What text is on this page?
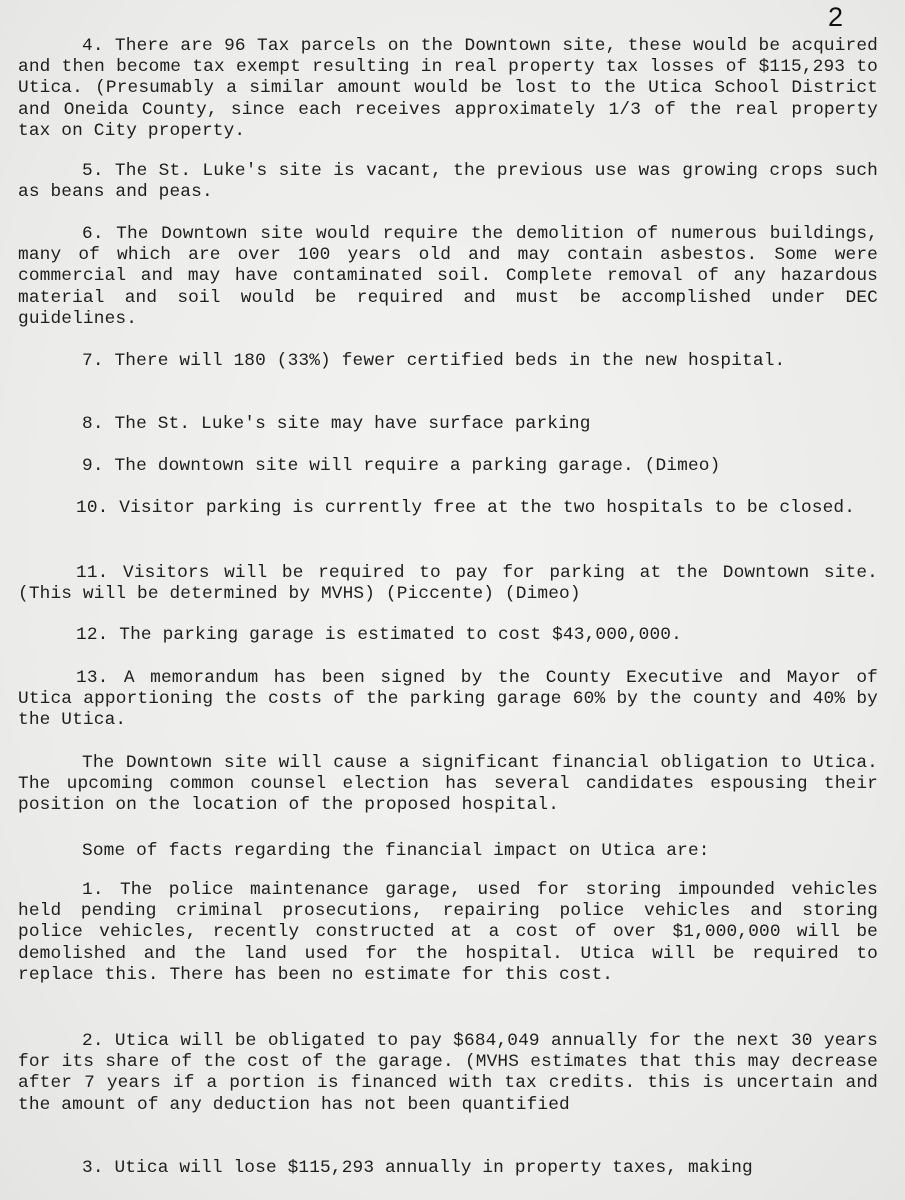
2

4. There are 96 Tax parcels on the Downtown site, these would be acquired and then become tax exempt resulting in real property tax losses of $115,293 to Utica. (Presumably a similar amount would be lost to the Utica School District and Oneida County, since each receives approximately 1/3 of the real property tax on City property.

5. The St. Luke's site is vacant, the previous use was growing crops such as beans and peas.

6. The Downtown site would require the demolition of numerous buildings, many of which are over 100 years old and may contain asbestos. Some were commercial and may have contaminated soil. Complete removal of any hazardous material and soil would be required and must be accomplished under DEC guidelines.

7. There will 180 (33%) fewer certified beds in the new hospital.

8. The St. Luke's site may have surface parking

9. The downtown site will require a parking garage. (Dimeo)

10. Visitor parking is currently free at the two hospitals to be closed.

11. Visitors will be required to pay for parking at the Downtown site. (This will be determined by MVHS) (Piccente) (Dimeo)

12. The parking garage is estimated to cost $43,000,000.

13. A memorandum has been signed by the County Executive and Mayor of Utica apportioning the costs of the parking garage 60% by the county and 40% by the Utica.

The Downtown site will cause a significant financial obligation to Utica. The upcoming common counsel election has several candidates espousing their position on the location of the proposed hospital.

Some of facts regarding the financial impact on Utica are:

1. The police maintenance garage, used for storing impounded vehicles held pending criminal prosecutions, repairing police vehicles and storing police vehicles, recently constructed at a cost of over $1,000,000 will be demolished and the land used for the hospital. Utica will be required to replace this. There has been no estimate for this cost.

2. Utica will be obligated to pay $684,049 annually for the next 30 years for its share of the cost of the garage. (MVHS estimates that this may decrease after 7 years if a portion is financed with tax credits. this is uncertain and the amount of any deduction has not been quantified

3. Utica will lose $115,293 annually in property taxes, making
